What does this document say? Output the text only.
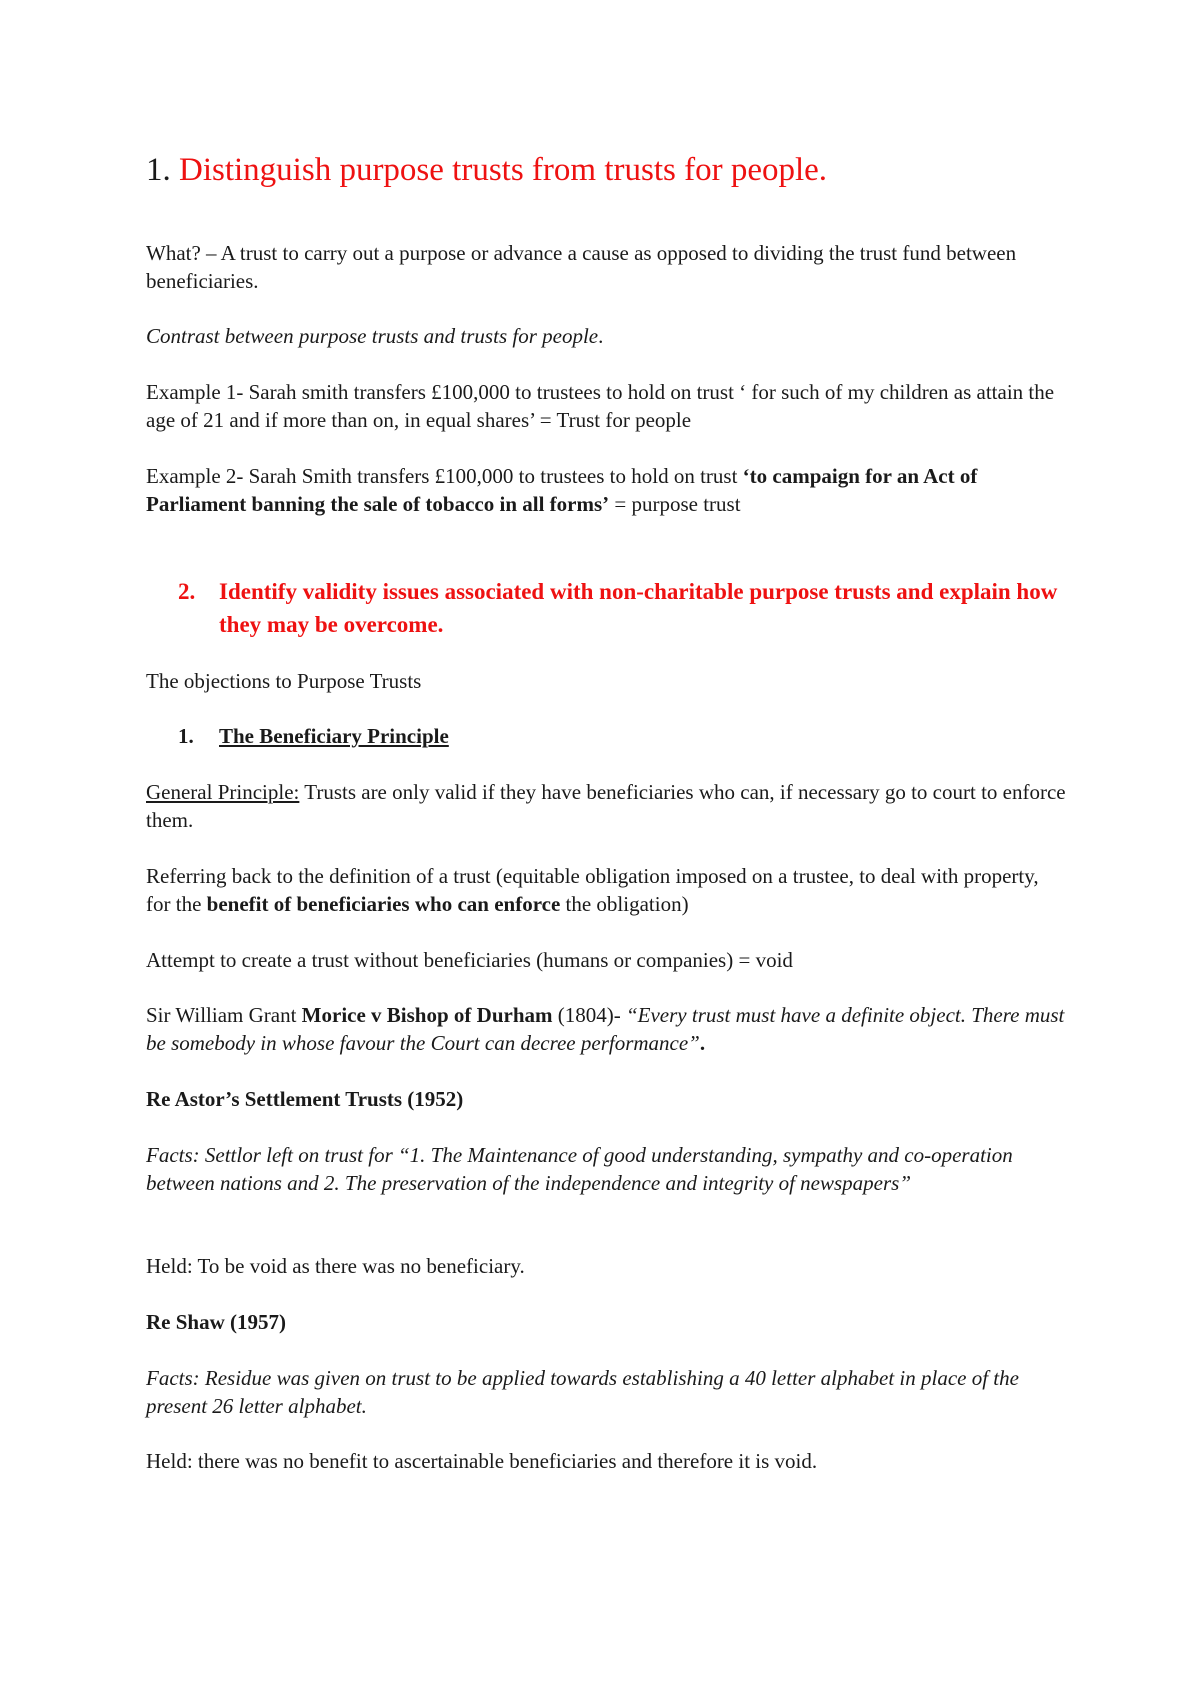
1. Distinguish purpose trusts from trusts for people.

What? – A trust to carry out a purpose or advance a cause as opposed to dividing the trust fund between beneficiaries.

Contrast between purpose trusts and trusts for people.

Example 1- Sarah smith transfers £100,000 to trustees to hold on trust ‘ for such of my children as attain the age of 21 and if more than on, in equal shares’ = Trust for people

Example 2- Sarah Smith transfers £100,000 to trustees to hold on trust ‘to campaign for an Act of Parliament banning the sale of tobacco in all forms’ = purpose trust

2. Identify validity issues associated with non-charitable purpose trusts and explain how they may be overcome.

The objections to Purpose Trusts

1. The Beneficiary Principle

General Principle: Trusts are only valid if they have beneficiaries who can, if necessary go to court to enforce them.

Referring back to the definition of a trust (equitable obligation imposed on a trustee, to deal with property, for the benefit of beneficiaries who can enforce the obligation)

Attempt to create a trust without beneficiaries (humans or companies) = void

Sir William Grant Morice v Bishop of Durham (1804)- “Every trust must have a definite object. There must be somebody in whose favour the Court can decree performance”.

Re Astor’s Settlement Trusts (1952)

Facts: Settlor left on trust for “1. The Maintenance of good understanding, sympathy and co-operation between nations and 2. The preservation of the independence and integrity of newspapers”

Held: To be void as there was no beneficiary.

Re Shaw (1957)

Facts: Residue was given on trust to be applied towards establishing a 40 letter alphabet in place of the present 26 letter alphabet.

Held: there was no benefit to ascertainable beneficiaries and therefore it is void.
